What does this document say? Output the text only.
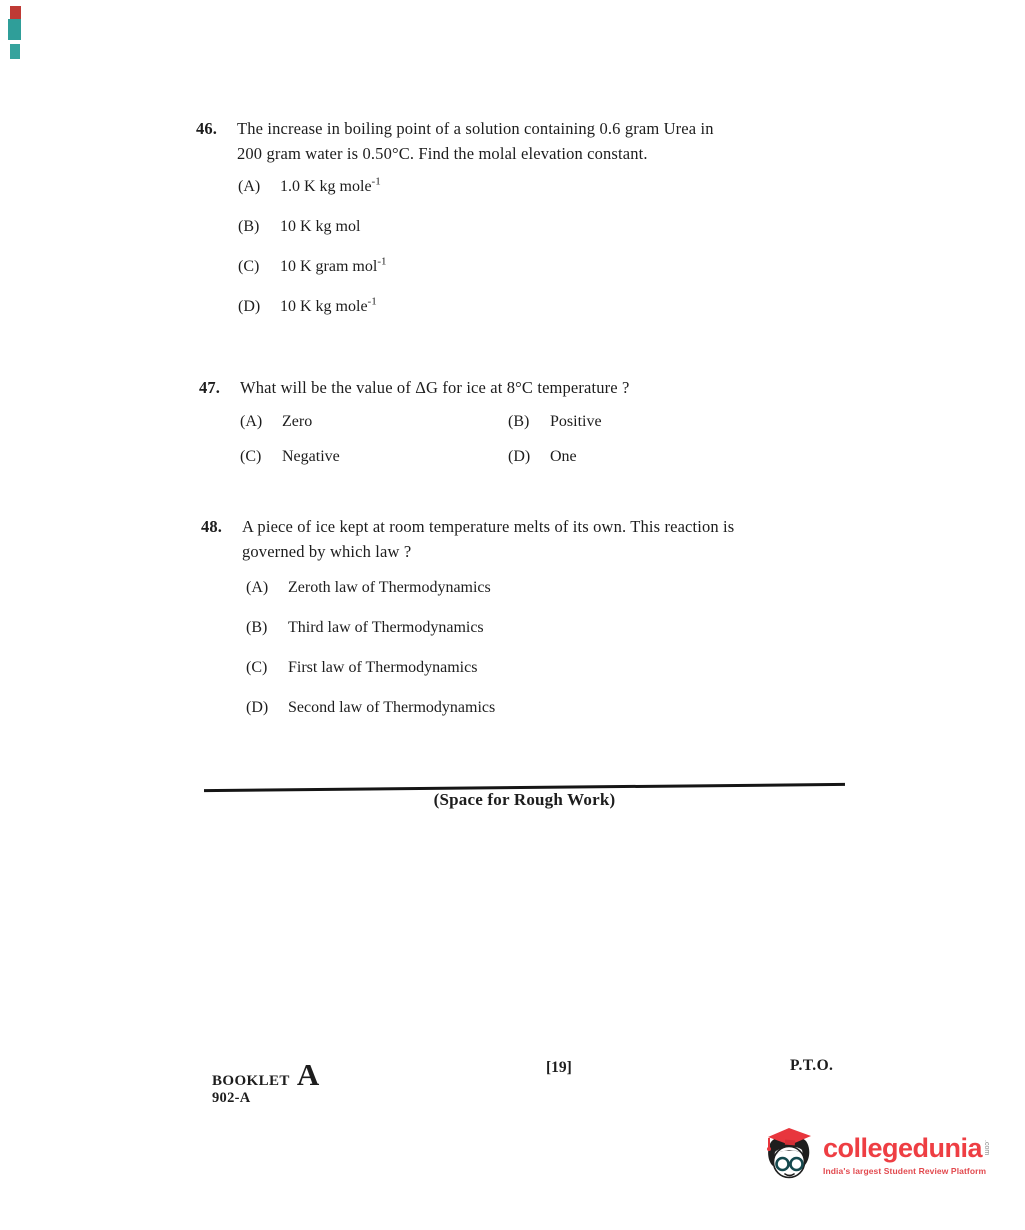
46.	The increase in boiling point of a solution containing 0.6 gram Urea in
200 gram water is 0.50°C. Find the molal elevation constant.
(A)	1.0 K kg mole$^{-1}$
(B)	10 K kg mol
(C)	10 K gram mol$^{-1}$
(D)	10 K kg mole$^{-1}$
47.	What will be the value of ΔG for ice at 8°C temperature ?
(A)	Zero	(B)	Positive
(C)	Negative	(D)	One
48.	A piece of ice kept at room temperature melts of its own. This reaction is
governed by which law ?
(A)	Zeroth law of Thermodynamics
(B)	Third law of Thermodynamics
(C)	First law of Thermodynamics
(D)	Second law of Thermodynamics
(Space for Rough Work)
BOOKLET A
902-A
[19]	P.T.O.
collegedunia .com
India's largest Student Review Platform
